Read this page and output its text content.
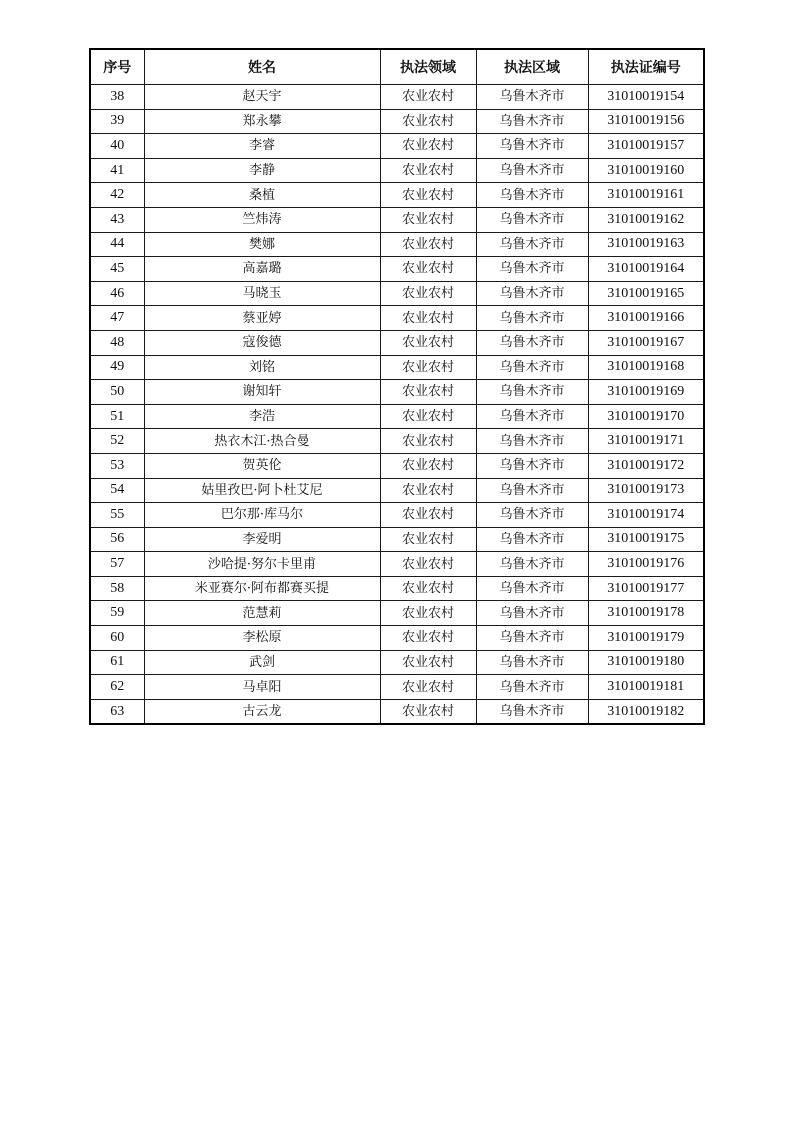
序号	姓名	执法领域	执法区域	执法证编号
38	赵天宇	农业农村	乌鲁木齐市	31010019154
39	郑永攀	农业农村	乌鲁木齐市	31010019156
40	李睿	农业农村	乌鲁木齐市	31010019157
41	李静	农业农村	乌鲁木齐市	31010019160
42	桑植	农业农村	乌鲁木齐市	31010019161
43	竺炜涛	农业农村	乌鲁木齐市	31010019162
44	樊娜	农业农村	乌鲁木齐市	31010019163
45	高嘉璐	农业农村	乌鲁木齐市	31010019164
46	马晓玉	农业农村	乌鲁木齐市	31010019165
47	蔡亚婷	农业农村	乌鲁木齐市	31010019166
48	寇俊德	农业农村	乌鲁木齐市	31010019167
49	刘铭	农业农村	乌鲁木齐市	31010019168
50	谢知轩	农业农村	乌鲁木齐市	31010019169
51	李浩	农业农村	乌鲁木齐市	31010019170
52	热衣木江·热合曼	农业农村	乌鲁木齐市	31010019171
53	贺英伦	农业农村	乌鲁木齐市	31010019172
54	姑里孜巴·阿卜杜艾尼	农业农村	乌鲁木齐市	31010019173
55	巴尔那·库马尔	农业农村	乌鲁木齐市	31010019174
56	李爱明	农业农村	乌鲁木齐市	31010019175
57	沙哈提·努尔卡里甫	农业农村	乌鲁木齐市	31010019176
58	米亚赛尔·阿布都赛买提	农业农村	乌鲁木齐市	31010019177
59	范慧莉	农业农村	乌鲁木齐市	31010019178
60	李松原	农业农村	乌鲁木齐市	31010019179
61	武剑	农业农村	乌鲁木齐市	31010019180
62	马卓阳	农业农村	乌鲁木齐市	31010019181
63	古云龙	农业农村	乌鲁木齐市	31010019182
